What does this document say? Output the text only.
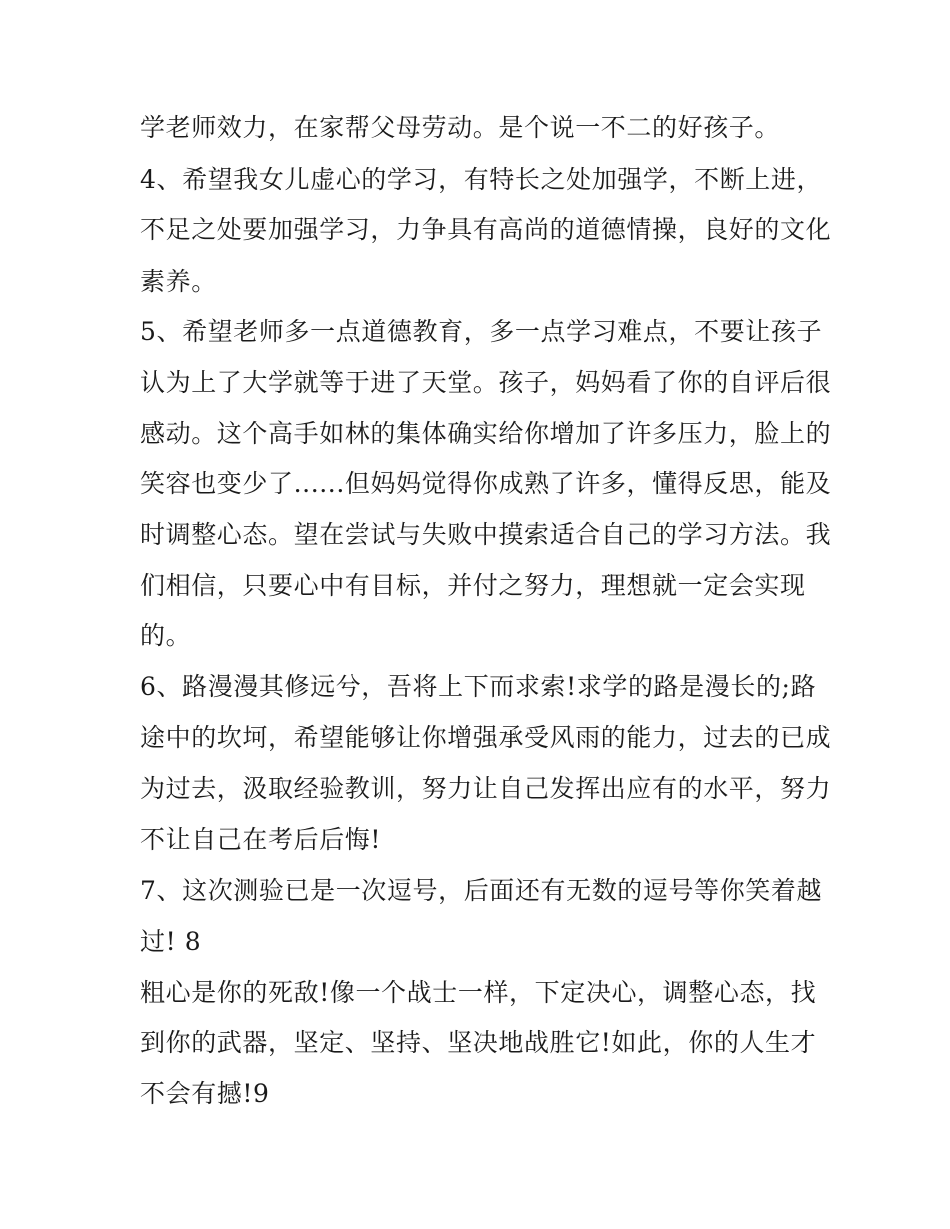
学老师效力，在家帮父母劳动。是个说一不二的好孩子。
4、希望我女儿虚心的学习，有特长之处加强学，不断上进，
不足之处要加强学习，力争具有高尚的道德情操，良好的文化
素养。
5、希望老师多一点道德教育，多一点学习难点，不要让孩子
认为上了大学就等于进了天堂。孩子，妈妈看了你的自评后很
感动。这个高手如林的集体确实给你增加了许多压力，脸上的
笑容也变少了......但妈妈觉得你成熟了许多，懂得反思，能及
时调整心态。望在尝试与失败中摸索适合自己的学习方法。我
们相信，只要心中有目标，并付之努力，理想就一定会实现
的。
6、路漫漫其修远兮，吾将上下而求索!求学的路是漫长的;路
途中的坎坷，希望能够让你增强承受风雨的能力，过去的已成
为过去，汲取经验教训，努力让自己发挥出应有的水平，努力
不让自己在考后后悔!
7、这次测验已是一次逗号，后面还有无数的逗号等你笑着越
过! 8
粗心是你的死敌!像一个战士一样，下定决心，调整心态，找
到你的武器，坚定、坚持、坚决地战胜它!如此，你的人生才
不会有撼!9
